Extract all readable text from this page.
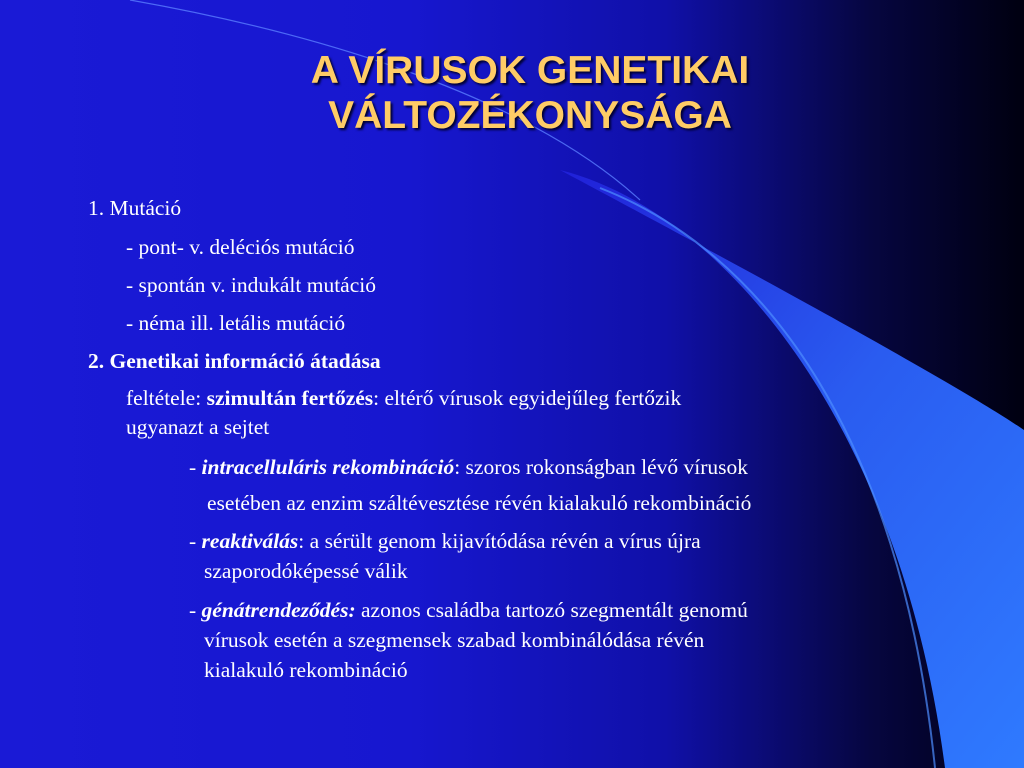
A VÍRUSOK GENETIKAI
VÁLTOZÉKONYSÁGA
1. Mutáció
- pont- v. deléciós mutáció
- spontán v. indukált mutáció
- néma ill. letális mutáció
2. Genetikai információ átadása
feltétele: szimultán fertőzés: eltérő vírusok egyidejűleg fertőzik
ugyanazt a sejtet
- intracelluláris rekombináció: szoros rokonságban lévő vírusok
esetében az enzim száltévesztése révén kialakuló rekombináció
- reaktiválás: a sérült genom kijavítódása révén a vírus újra
szaporodóképessé válik
- génátrendeződés: azonos családba tartozó szegmentált genomú
vírusok esetén a szegmensek szabad kombinálódása révén
kialakuló rekombináció
